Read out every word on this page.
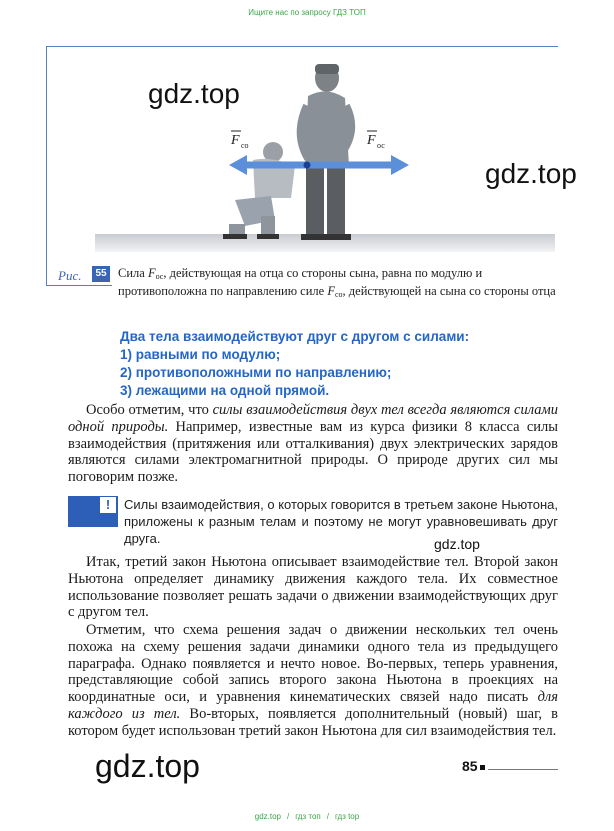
Ищите нас по запросу ГДЗ ТОП
F со	F ос
gdz.top
gdz.top
Рис.	55 Сила $F_{ос}$, действующая на отца со стороны сына, равна по модулю и противоположна по направлению силе $F_{со}$, действующей на сына со стороны отца
Два тела взаимодействуют друг с другом с силами:
1) равными по модулю;
2) противоположными по направлению;
3) лежащими на одной прямой.
Особо отметим, что силы взаимодействия двух тел всегда являются силами одной природы. Например, известные вам из курса физики 8 класса силы взаимодействия (притяжения или отталкивания) двух электрических зарядов являются силами электромагнитной природы. О природе других сил мы поговорим позже.
!	Силы взаимодействия, о которых говорится в третьем законе Ньютона, приложены к разным телам и поэтому не могут уравновешивать друг друга.	gdz.top
Итак, третий закон Ньютона описывает взаимодействие тел. Второй закон Ньютона определяет динамику движения каждого тела. Их совместное использование позволяет решать задачи о движении взаимодействующих друг с другом тел.
Отметим, что схема решения задач о движении нескольких тел очень похожа на схему решения задачи динамики одного тела из предыдущего параграфа. Однако появляется и нечто новое. Во-первых, теперь уравнения, представляющие собой запись второго закона Ньютона в проекциях на координатные оси, и уравнения кинематических связей надо писать для каждого из тел. Во-вторых, появляется дополнительный (новый) шаг, в котором будет использован третий закон Ньютона для сил взаимодействия тел.
gdz.top	85
gdz.top / гдз топ / гдз top
